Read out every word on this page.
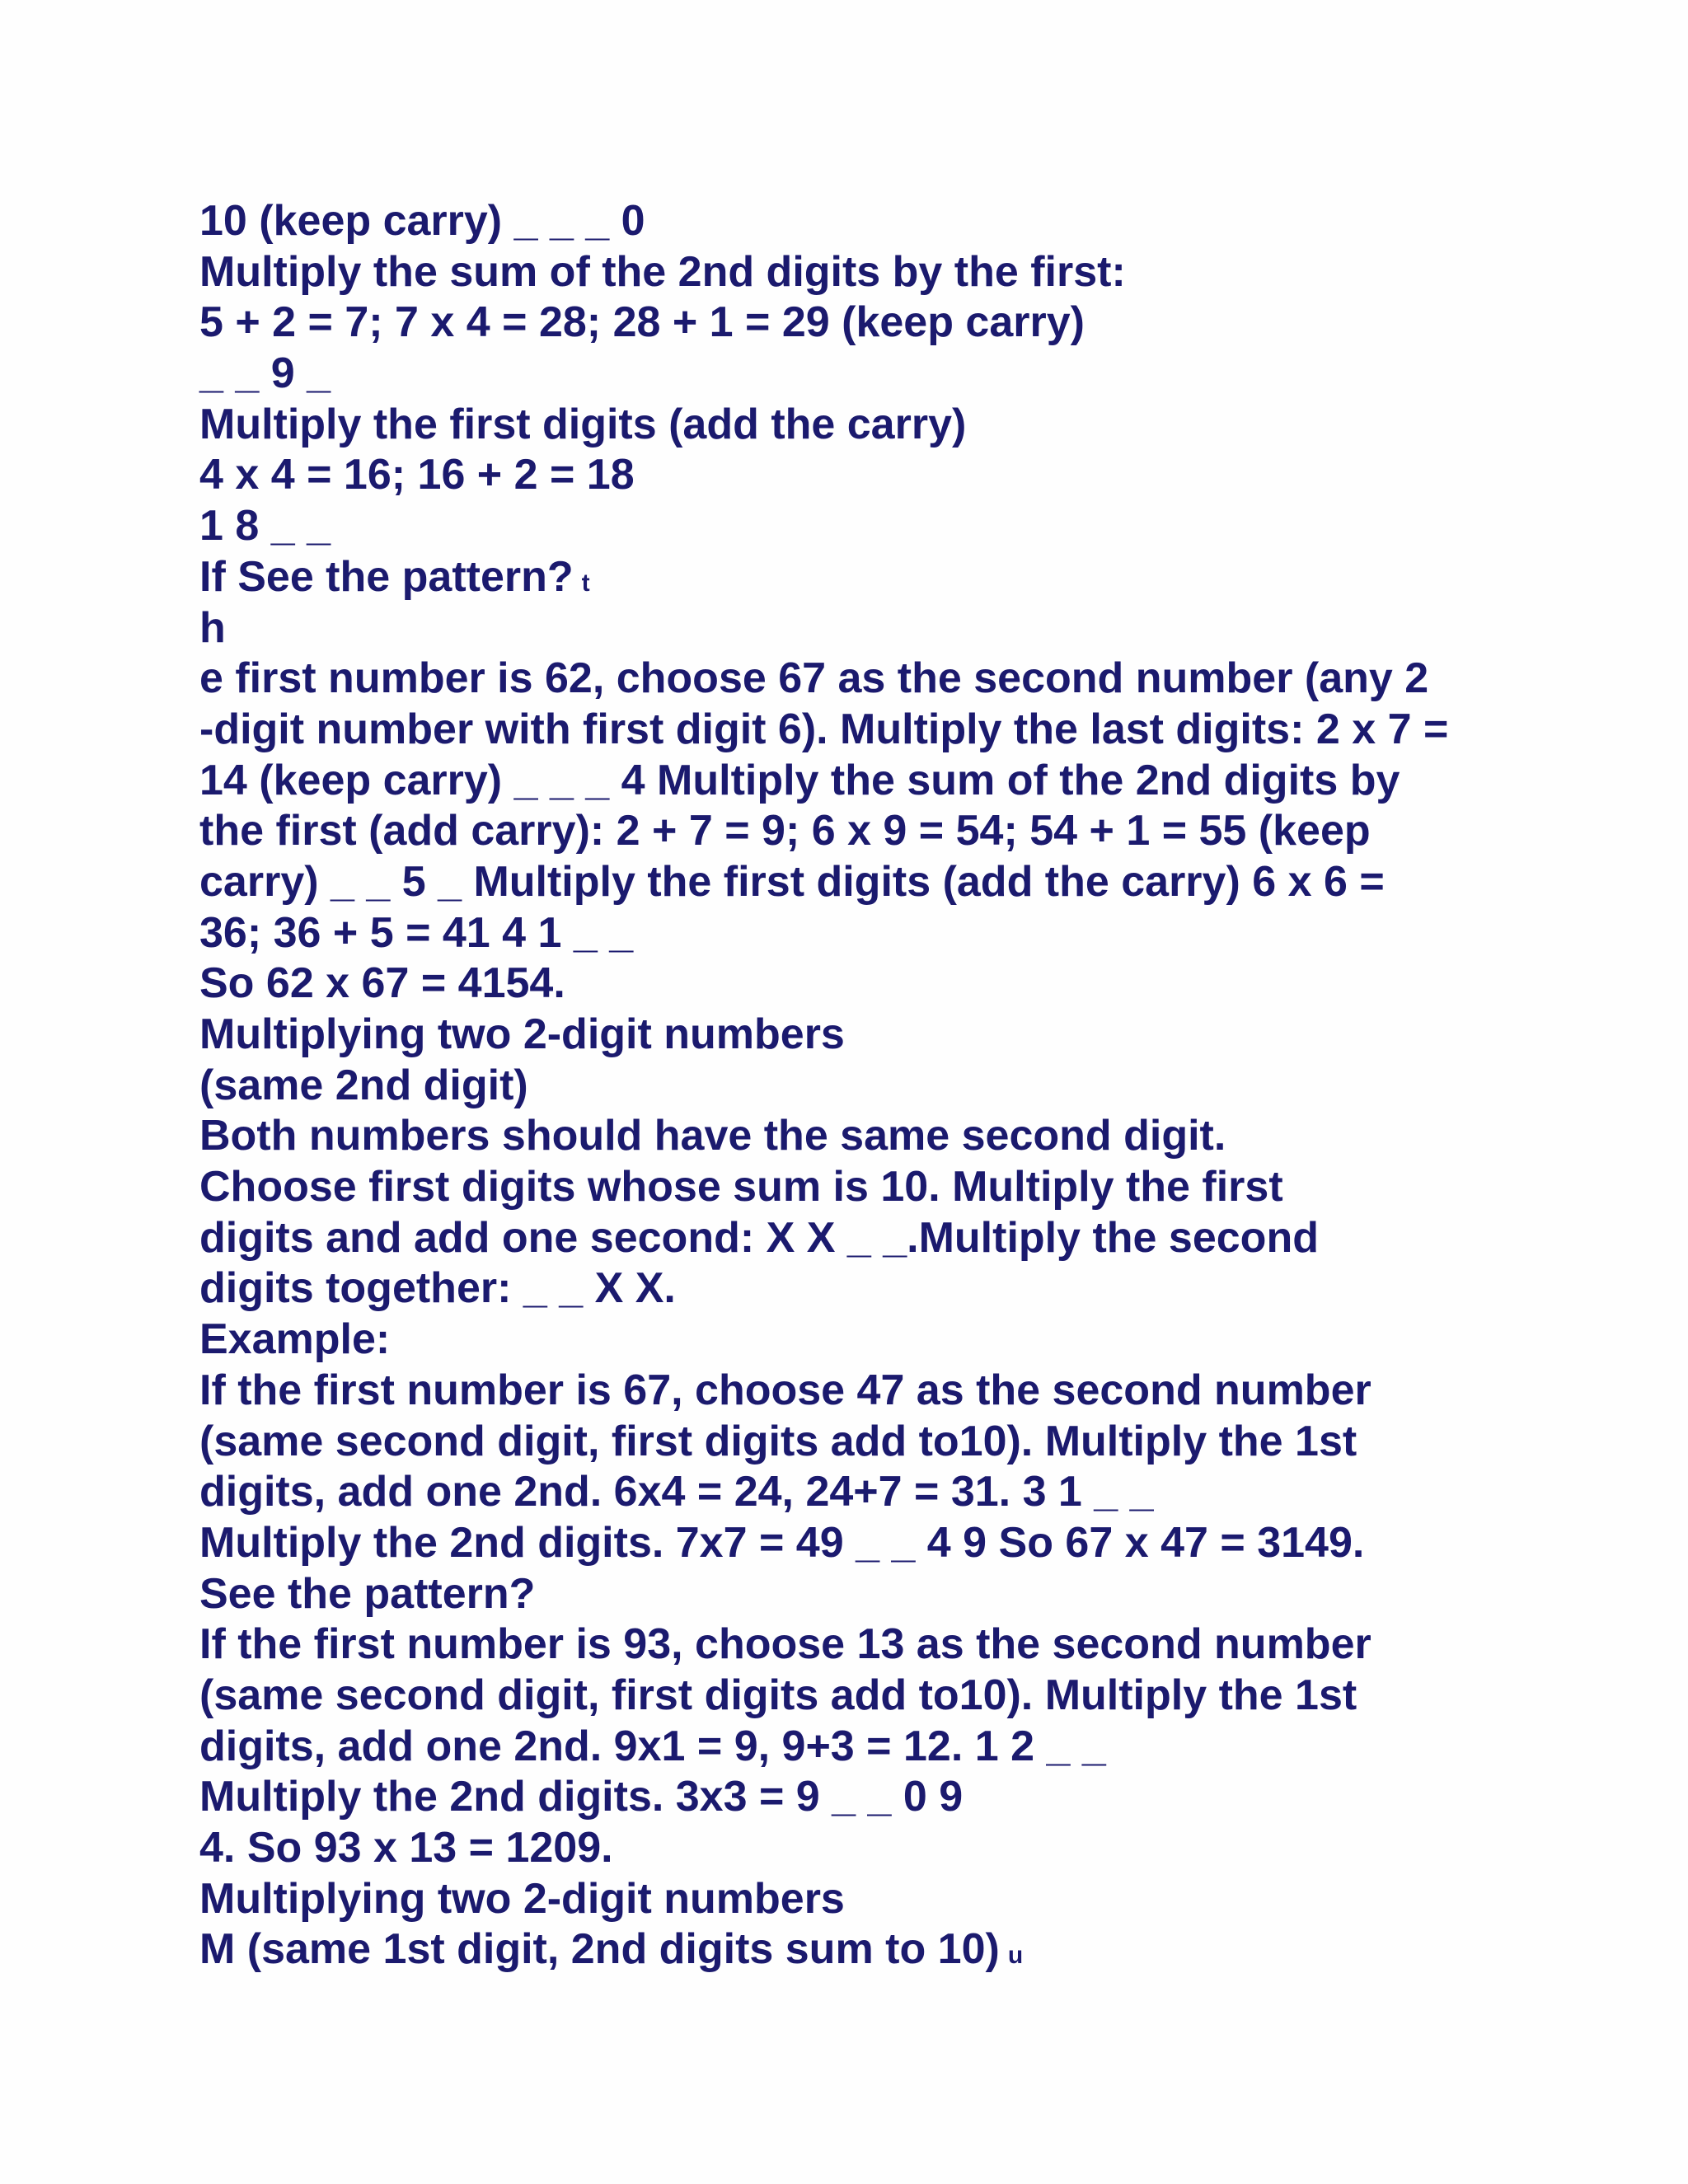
10 (keep carry) _ _ _ 0
Multiply the sum of the 2nd digits by the first:
5 + 2 = 7; 7 x 4 = 28; 28 + 1 = 29 (keep carry)
_ _ 9 _
Multiply the first digits (add the carry)
4 x 4 = 16; 16 + 2 = 18
1 8 _ _
If See the pattern? t
h
e first number is 62, choose 67 as the second number (any 2
-digit number with first digit 6). Multiply the last digits: 2 x 7 =
14 (keep carry) _ _ _ 4 Multiply the sum of the 2nd digits by
the first (add carry): 2 + 7 = 9; 6 x 9 = 54; 54 + 1 = 55 (keep
carry) _ _ 5 _ Multiply the first digits (add the carry) 6 x 6 =
36; 36 + 5 = 41 4 1 _ _
So 62 x 67 = 4154.
Multiplying two 2-digit numbers
(same 2nd digit)
Both numbers should have the same second digit.
Choose first digits whose sum is 10. Multiply the first
digits and add one second: X X _ _.Multiply the second
digits together: _ _ X X.
Example:
If the first number is 67, choose 47 as the second number
(same second digit, first digits add to10). Multiply the 1st
digits, add one 2nd. 6x4 = 24, 24+7 = 31. 3 1 _ _
Multiply the 2nd digits. 7x7 = 49 _ _ 4 9 So 67 x 47 = 3149.
See the pattern?
If the first number is 93, choose 13 as the second number
(same second digit, first digits add to10). Multiply the 1st
digits, add one 2nd. 9x1 = 9, 9+3 = 12. 1 2 _ _
Multiply the 2nd digits. 3x3 = 9 _ _ 0 9
4. So 93 x 13 = 1209.
Multiplying two 2-digit numbers
M (same 1st digit, 2nd digits sum to 10) u
